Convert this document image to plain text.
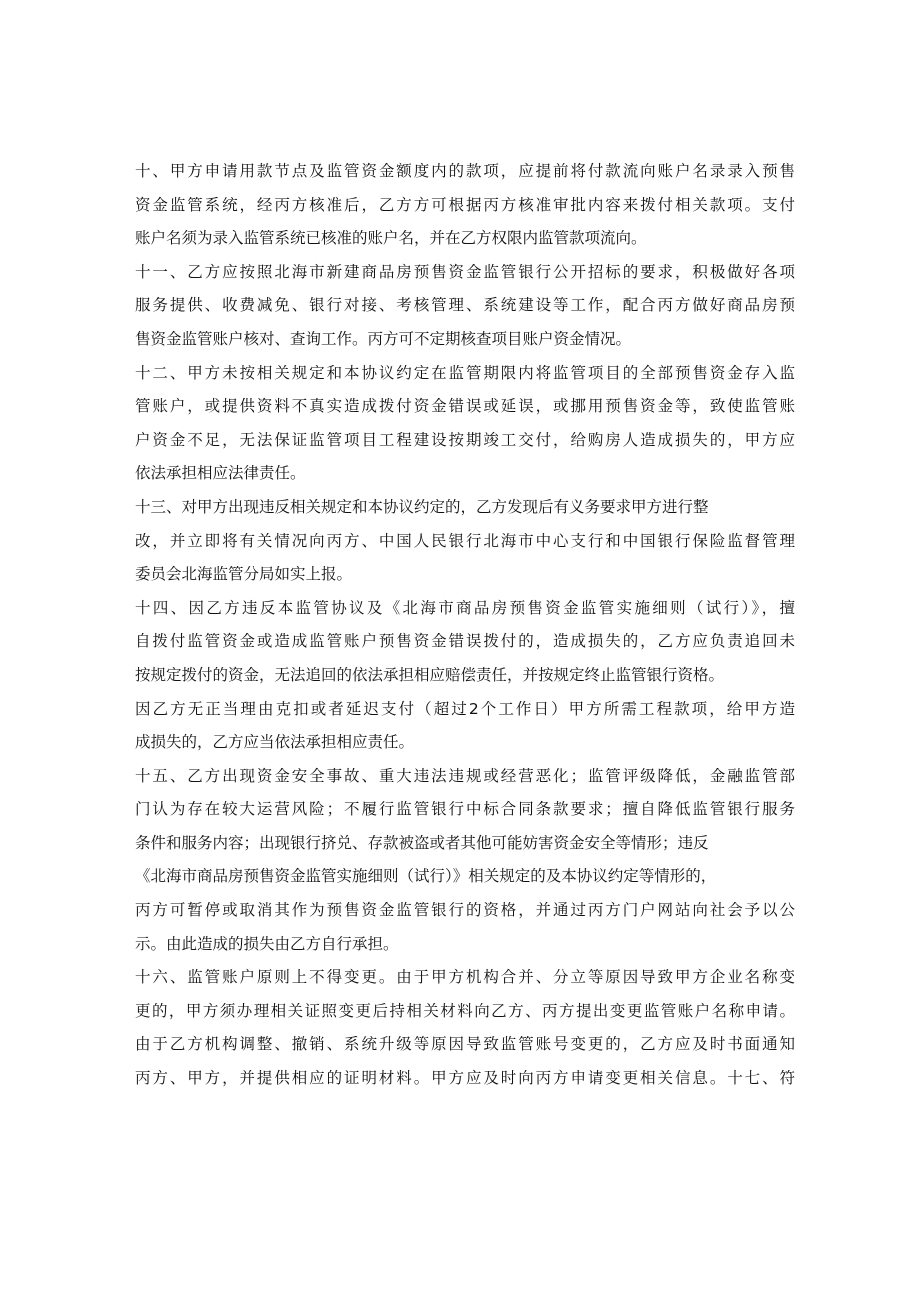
十、甲方申请用款节点及监管资金额度内的款项，应提前将付款流向账户名录录入预售
资金监管系统，经丙方核准后，乙方方可根据丙方核准审批内容来拨付相关款项。支付
账户名须为录入监管系统已核准的账户名，并在乙方权限内监管款项流向。
十一、乙方应按照北海市新建商品房预售资金监管银行公开招标的要求，积极做好各项
服务提供、收费减免、银行对接、考核管理、系统建设等工作，配合丙方做好商品房预
售资金监管账户核对、查询工作。丙方可不定期核查项目账户资金情况。
十二、甲方未按相关规定和本协议约定在监管期限内将监管项目的全部预售资金存入监
管账户，或提供资料不真实造成拨付资金错误或延误，或挪用预售资金等，致使监管账
户资金不足，无法保证监管项目工程建设按期竣工交付，给购房人造成损失的，甲方应
依法承担相应法律责任。
十三、对甲方出现违反相关规定和本协议约定的，乙方发现后有义务要求甲方进行整
改，并立即将有关情况向丙方、中国人民银行北海市中心支行和中国银行保险监督管理
委员会北海监管分局如实上报。
十四、因乙方违反本监管协议及《北海市商品房预售资金监管实施细则（试行）》，擅
自拨付监管资金或造成监管账户预售资金错误拨付的，造成损失的，乙方应负责追回未
按规定拨付的资金，无法追回的依法承担相应赔偿责任，并按规定终止监管银行资格。
因乙方无正当理由克扣或者延迟支付（超过2个工作日）甲方所需工程款项，给甲方造
成损失的，乙方应当依法承担相应责任。
十五、乙方出现资金安全事故、重大违法违规或经营恶化；监管评级降低，金融监管部
门认为存在较大运营风险；不履行监管银行中标合同条款要求；擅自降低监管银行服务
条件和服务内容；出现银行挤兑、存款被盗或者其他可能妨害资金安全等情形；违反
《北海市商品房预售资金监管实施细则（试行）》相关规定的及本协议约定等情形的，
丙方可暂停或取消其作为预售资金监管银行的资格，并通过丙方门户网站向社会予以公
示。由此造成的损失由乙方自行承担。
十六、监管账户原则上不得变更。由于甲方机构合并、分立等原因导致甲方企业名称变
更的，甲方须办理相关证照变更后持相关材料向乙方、丙方提出变更监管账户名称申请。
由于乙方机构调整、撤销、系统升级等原因导致监管账号变更的，乙方应及时书面通知
丙方、甲方，并提供相应的证明材料。甲方应及时向丙方申请变更相关信息。十七、符
